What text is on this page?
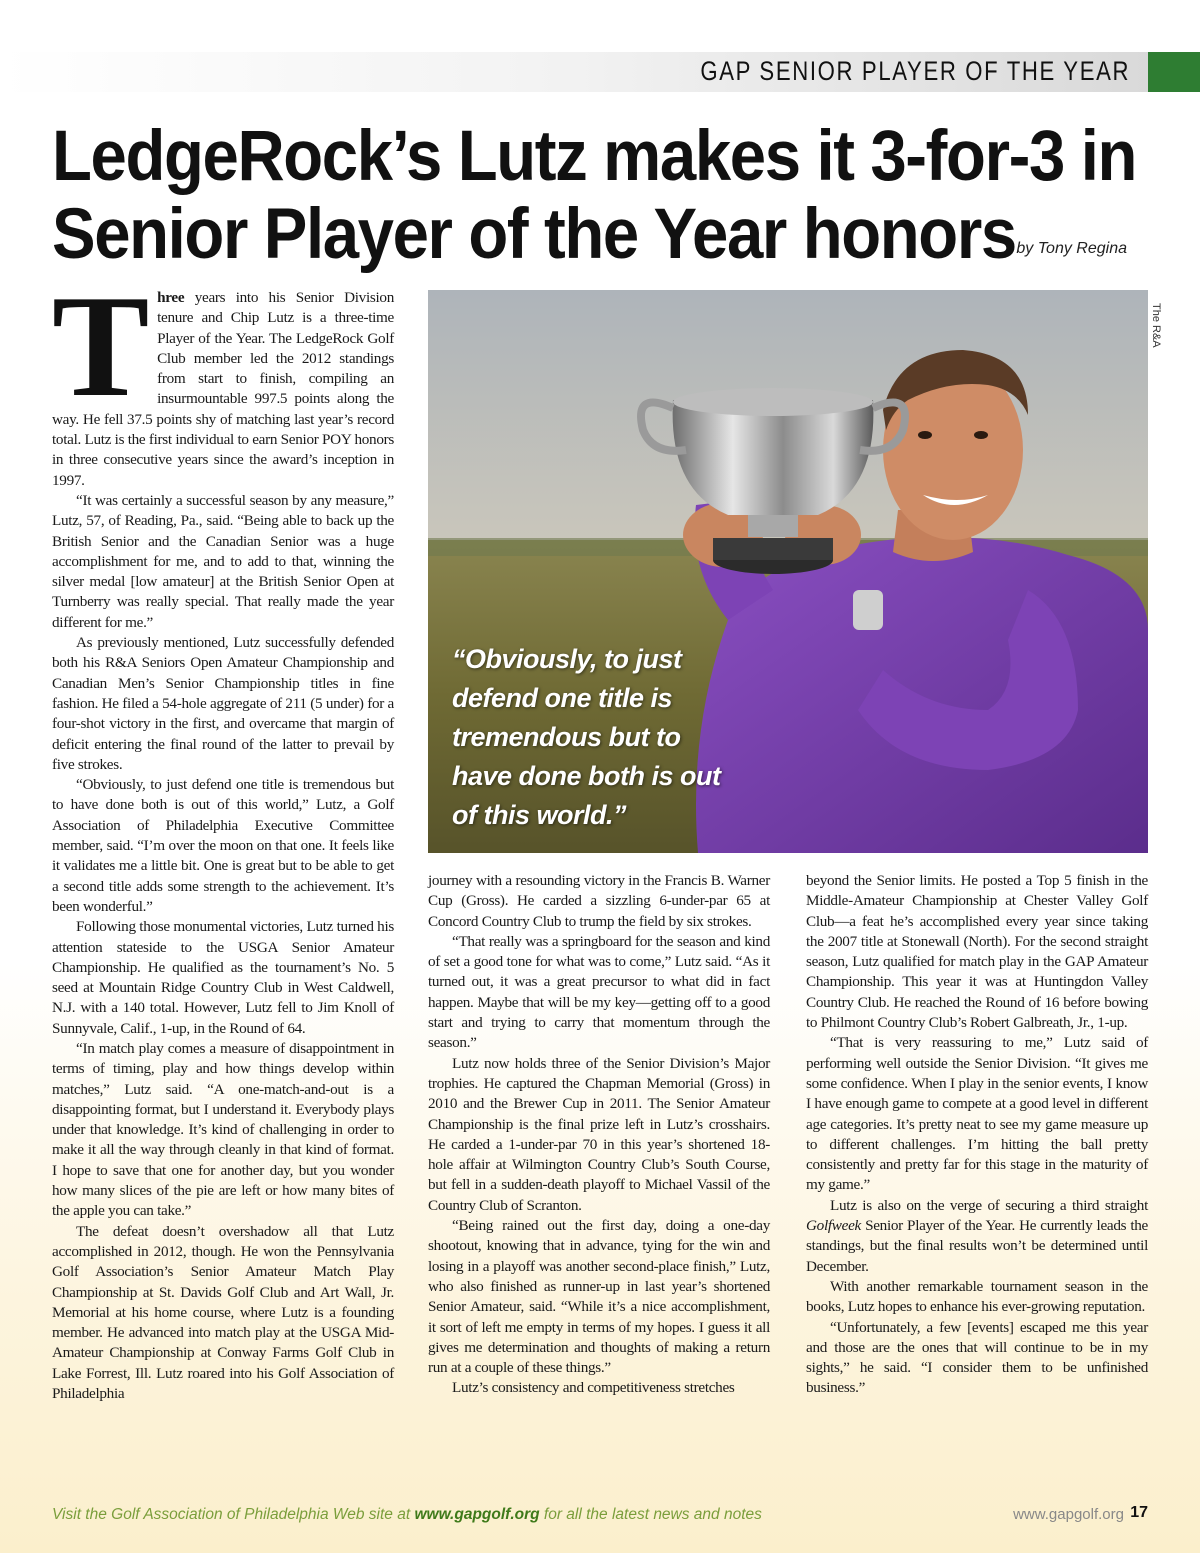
GAP SENIOR PLAYER OF THE YEAR
LedgeRock’s Lutz makes it 3-for-3 in
Senior Player of the Year honors by Tony Regina
The R&A
“Obviously, to just defend one title is tremendous but to have done both is out of this world.”

Three years into his Senior Division tenure and Chip Lutz is a three-time Player of the Year. The LedgeRock Golf Club member led the 2012 standings from start to finish, compiling an insurmountable 997.5 points along the way. He fell 37.5 points shy of matching last year’s record total. Lutz is the first individual to earn Senior POY honors in three consecutive years since the award’s inception in 1997.

“It was certainly a successful season by any measure,” Lutz, 57, of Reading, Pa., said. “Being able to back up the British Senior and the Canadian Senior was a huge accomplishment for me, and to add to that, winning the silver medal [low amateur] at the British Senior Open at Turnberry was really special. That really made the year different for me.”

As previously mentioned, Lutz successfully defended both his R&A Seniors Open Amateur Championship and Canadian Men’s Senior Championship titles in fine fashion. He filed a 54-hole aggregate of 211 (5 under) for a four-shot victory in the first, and overcame that margin of deficit entering the final round of the latter to prevail by five strokes.

“Obviously, to just defend one title is tremendous but to have done both is out of this world,” Lutz, a Golf Association of Philadelphia Executive Committee member, said. “I’m over the moon on that one. It feels like it validates me a little bit. One is great but to be able to get a second title adds some strength to the achievement. It’s been wonderful.”

Following those monumental victories, Lutz turned his attention stateside to the USGA Senior Amateur Championship. He qualified as the tournament’s No. 5 seed at Mountain Ridge Country Club in West Caldwell, N.J. with a 140 total. However, Lutz fell to Jim Knoll of Sunnyvale, Calif., 1-up, in the Round of 64.

“In match play comes a measure of disappointment in terms of timing, play and how things develop within matches,” Lutz said. “A one-match-and-out is a disappointing format, but I understand it. Everybody plays under that knowledge. It’s kind of challenging in order to make it all the way through cleanly in that kind of format. I hope to save that one for another day, but you wonder how many slices of the pie are left or how many bites of the apple you can take.”

The defeat doesn’t overshadow all that Lutz accomplished in 2012, though. He won the Pennsylvania Golf Association’s Senior Amateur Match Play Championship at St. Davids Golf Club and Art Wall, Jr. Memorial at his home course, where Lutz is a founding member. He advanced into match play at the USGA Mid-Amateur Championship at Conway Farms Golf Club in Lake Forrest, Ill. Lutz roared into his Golf Association of Philadelphia

journey with a resounding victory in the Francis B. Warner Cup (Gross). He carded a sizzling 6-under-par 65 at Concord Country Club to trump the field by six strokes.

“That really was a springboard for the season and kind of set a good tone for what was to come,” Lutz said. “As it turned out, it was a great precursor to what did in fact happen. Maybe that will be my key—getting off to a good start and trying to carry that momentum through the season.”

Lutz now holds three of the Senior Division’s Major trophies. He captured the Chapman Memorial (Gross) in 2010 and the Brewer Cup in 2011. The Senior Amateur Championship is the final prize left in Lutz’s crosshairs. He carded a 1-under-par 70 in this year’s shortened 18-hole affair at Wilmington Country Club’s South Course, but fell in a sudden-death playoff to Michael Vassil of the Country Club of Scranton.

“Being rained out the first day, doing a one-day shootout, knowing that in advance, tying for the win and losing in a playoff was another second-place finish,” Lutz, who also finished as runner-up in last year’s shortened Senior Amateur, said. “While it’s a nice accomplishment, it sort of left me empty in terms of my hopes. I guess it all gives me determination and thoughts of making a return run at a couple of these things.”

Lutz’s consistency and competitiveness stretches

beyond the Senior limits. He posted a Top 5 finish in the Middle-Amateur Championship at Chester Valley Golf Club—a feat he’s accomplished every year since taking the 2007 title at Stonewall (North). For the second straight season, Lutz qualified for match play in the GAP Amateur Championship. This year it was at Huntingdon Valley Country Club. He reached the Round of 16 before bowing to Philmont Country Club’s Robert Galbreath, Jr., 1-up.

“That is very reassuring to me,” Lutz said of performing well outside the Senior Division. “It gives me some confidence. When I play in the senior events, I know I have enough game to compete at a good level in different age categories. It’s pretty neat to see my game measure up to different challenges. I’m hitting the ball pretty consistently and pretty far for this stage in the maturity of my game.”

Lutz is also on the verge of securing a third straight Golfweek Senior Player of the Year. He currently leads the standings, but the final results won’t be determined until December.

With another remarkable tournament season in the books, Lutz hopes to enhance his ever-growing reputation.

“Unfortunately, a few [events] escaped me this year and those are the ones that will continue to be in my sights,” he said. “I consider them to be unfinished business.”

Visit the Golf Association of Philadelphia Web site at www.gapgolf.org for all the latest news and notes	www.gapgolf.org 17
